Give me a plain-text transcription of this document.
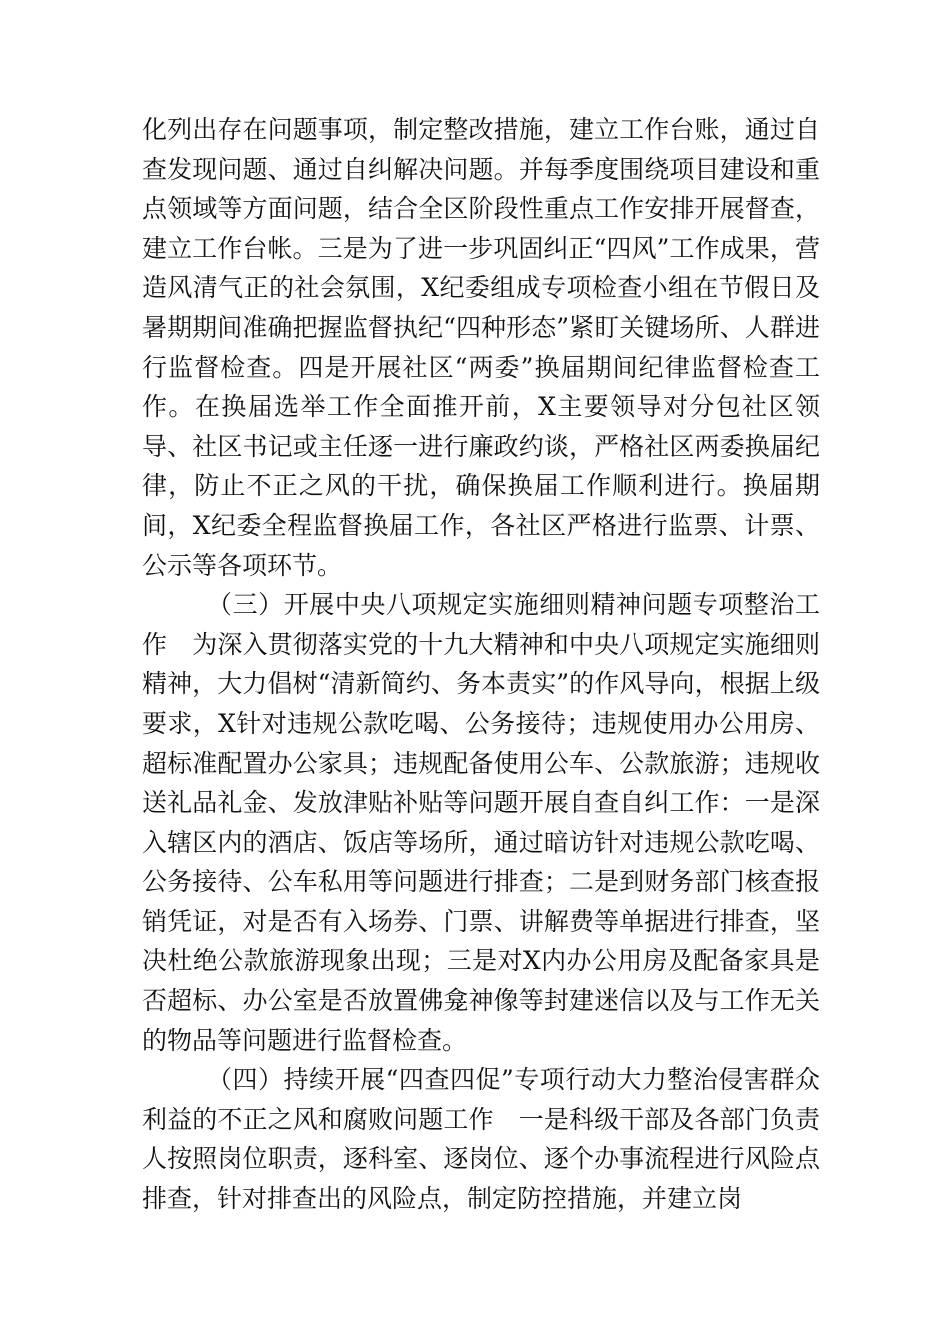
化列出存在问题事项，制定整改措施，建立工作台账，通过自查发现问题、通过自纠解决问题。并每季度围绕项目建设和重点领域等方面问题，结合全区阶段性重点工作安排开展督查，建立工作台帐。三是为了进一步巩固纠正“四风”工作成果，营造风清气正的社会氛围，X纪委组成专项检查小组在节假日及暑期期间准确把握监督执纪“四种形态”紧盯关键场所、人群进行监督检查。四是开展社区“两委”换届期间纪律监督检查工作。在换届选举工作全面推开前，X主要领导对分包社区领导、社区书记或主任逐一进行廉政约谈，严格社区两委换届纪律，防止不正之风的干扰，确保换届工作顺利进行。换届期间，X纪委全程监督换届工作，各社区严格进行监票、计票、公示等各项环节。

（三）开展中央八项规定实施细则精神问题专项整治工作　为深入贯彻落实党的十九大精神和中央八项规定实施细则精神，大力倡树“清新简约、务本责实”的作风导向，根据上级要求，X针对违规公款吃喝、公务接待；违规使用办公用房、超标准配置办公家具；违规配备使用公车、公款旅游；违规收送礼品礼金、发放津贴补贴等问题开展自查自纠工作：一是深入辖区内的酒店、饭店等场所，通过暗访针对违规公款吃喝、公务接待、公车私用等问题进行排查；二是到财务部门核查报销凭证，对是否有入场券、门票、讲解费等单据进行排查，坚决杜绝公款旅游现象出现；三是对X内办公用房及配备家具是否超标、办公室是否放置佛龛神像等封建迷信以及与工作无关的物品等问题进行监督检查。

（四）持续开展“四查四促”专项行动大力整治侵害群众利益的不正之风和腐败问题工作　一是科级干部及各部门负责人按照岗位职责，逐科室、逐岗位、逐个办事流程进行风险点排查，针对排查出的风险点，制定防控措施，并建立岗
